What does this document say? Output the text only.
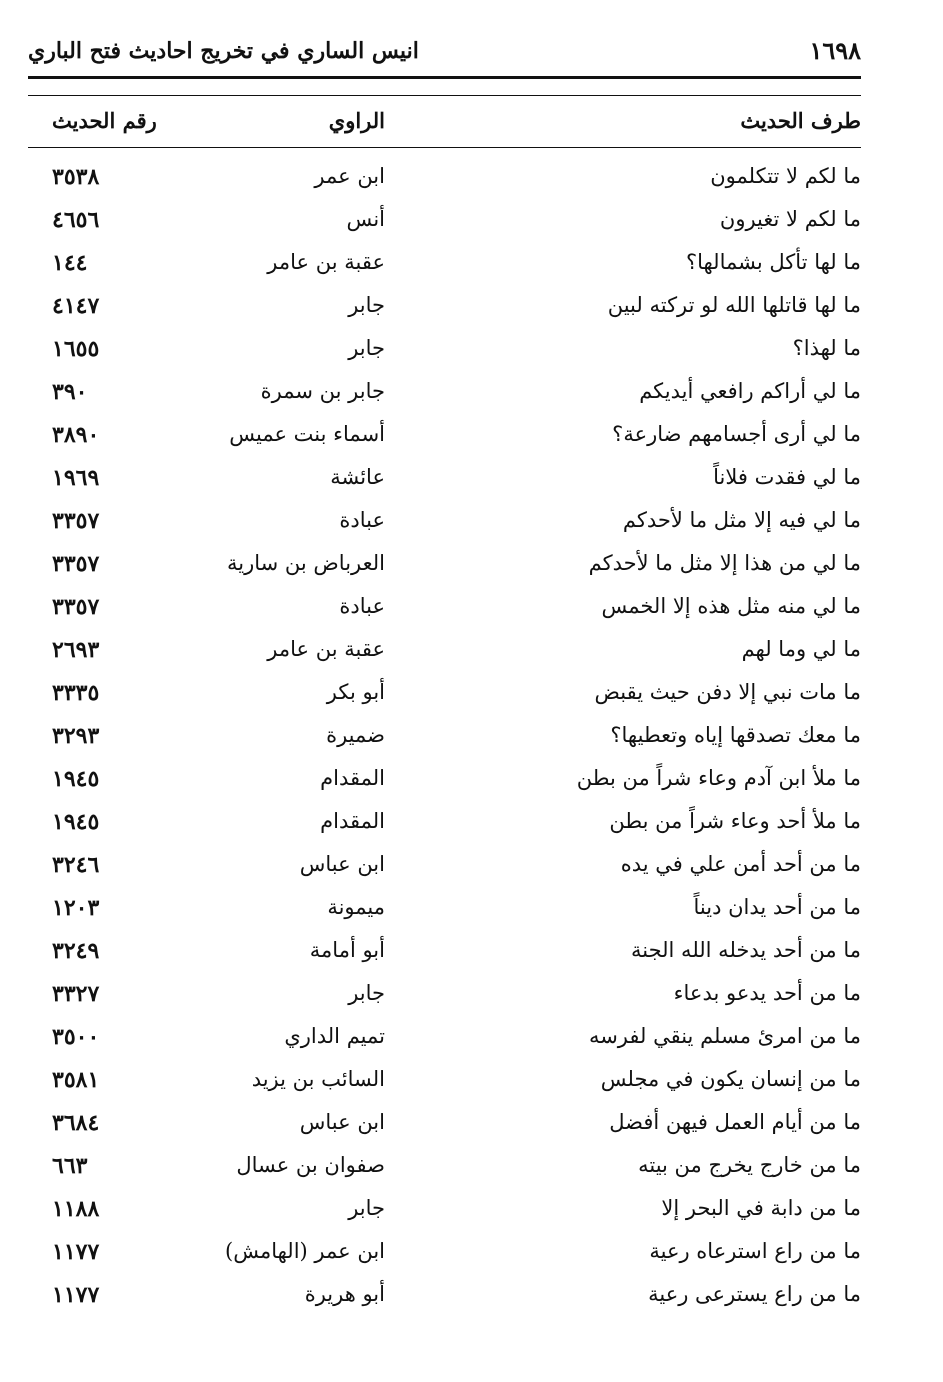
انيس الساري في تخريج احاديث فتح الباري	١٦٩٨
طرف الحديث
الراوي
رقم الحديث
ما لكم لا تتكلمون
ابن عمر
٣٥٣٨
ما لكم لا تغيرون
أنس
٤٦٥٦
ما لها تأكل بشمالها؟
عقبة بن عامر
١٤٤
ما لها قاتلها الله لو تركته لبين
جابر
٤١٤٧
ما لهذا؟
جابر
١٦٥٥
ما لي أراكم رافعي أيديكم
جابر بن سمرة
٣٩٠
ما لي أرى أجسامهم ضارعة؟
أسماء بنت عميس
٣٨٩٠
ما لي فقدت فلاناً
عائشة
١٩٦٩
ما لي فيه إلا مثل ما لأحدكم
عبادة
٣٣٥٧
ما لي من هذا إلا مثل ما لأحدكم
العرباض بن سارية
٣٣٥٧
ما لي منه مثل هذه إلا الخمس
عبادة
٣٣٥٧
ما لي وما لهم
عقبة بن عامر
٢٦٩٣
ما مات نبي إلا دفن حيث يقبض
أبو بكر
٣٣٣٥
ما معك تصدقها إياه وتعطيها؟
ضميرة
٣٢٩٣
ما ملأ ابن آدم وعاء شراً من بطن
المقدام
١٩٤٥
ما ملأ أحد وعاء شراً من بطن
المقدام
١٩٤٥
ما من أحد أمن علي في يده
ابن عباس
٣٢٤٦
ما من أحد يدان ديناً
ميمونة
١٢٠٣
ما من أحد يدخله الله الجنة
أبو أمامة
٣٢٤٩
ما من أحد يدعو بدعاء
جابر
٣٣٢٧
ما من امرئ مسلم ينقي لفرسه
تميم الداري
٣٥٠٠
ما من إنسان يكون في مجلس
السائب بن يزيد
٣٥٨١
ما من أيام العمل فيهن أفضل
ابن عباس
٣٦٨٤
ما من خارج يخرج من بيته
صفوان بن عسال
٦٦٣
ما من دابة في البحر إلا
جابر
١١٨٨
ما من راع استرعاه رعية
ابن عمر (الهامش)
١١٧٧
ما من راع يسترعى رعية
أبو هريرة
١١٧٧
